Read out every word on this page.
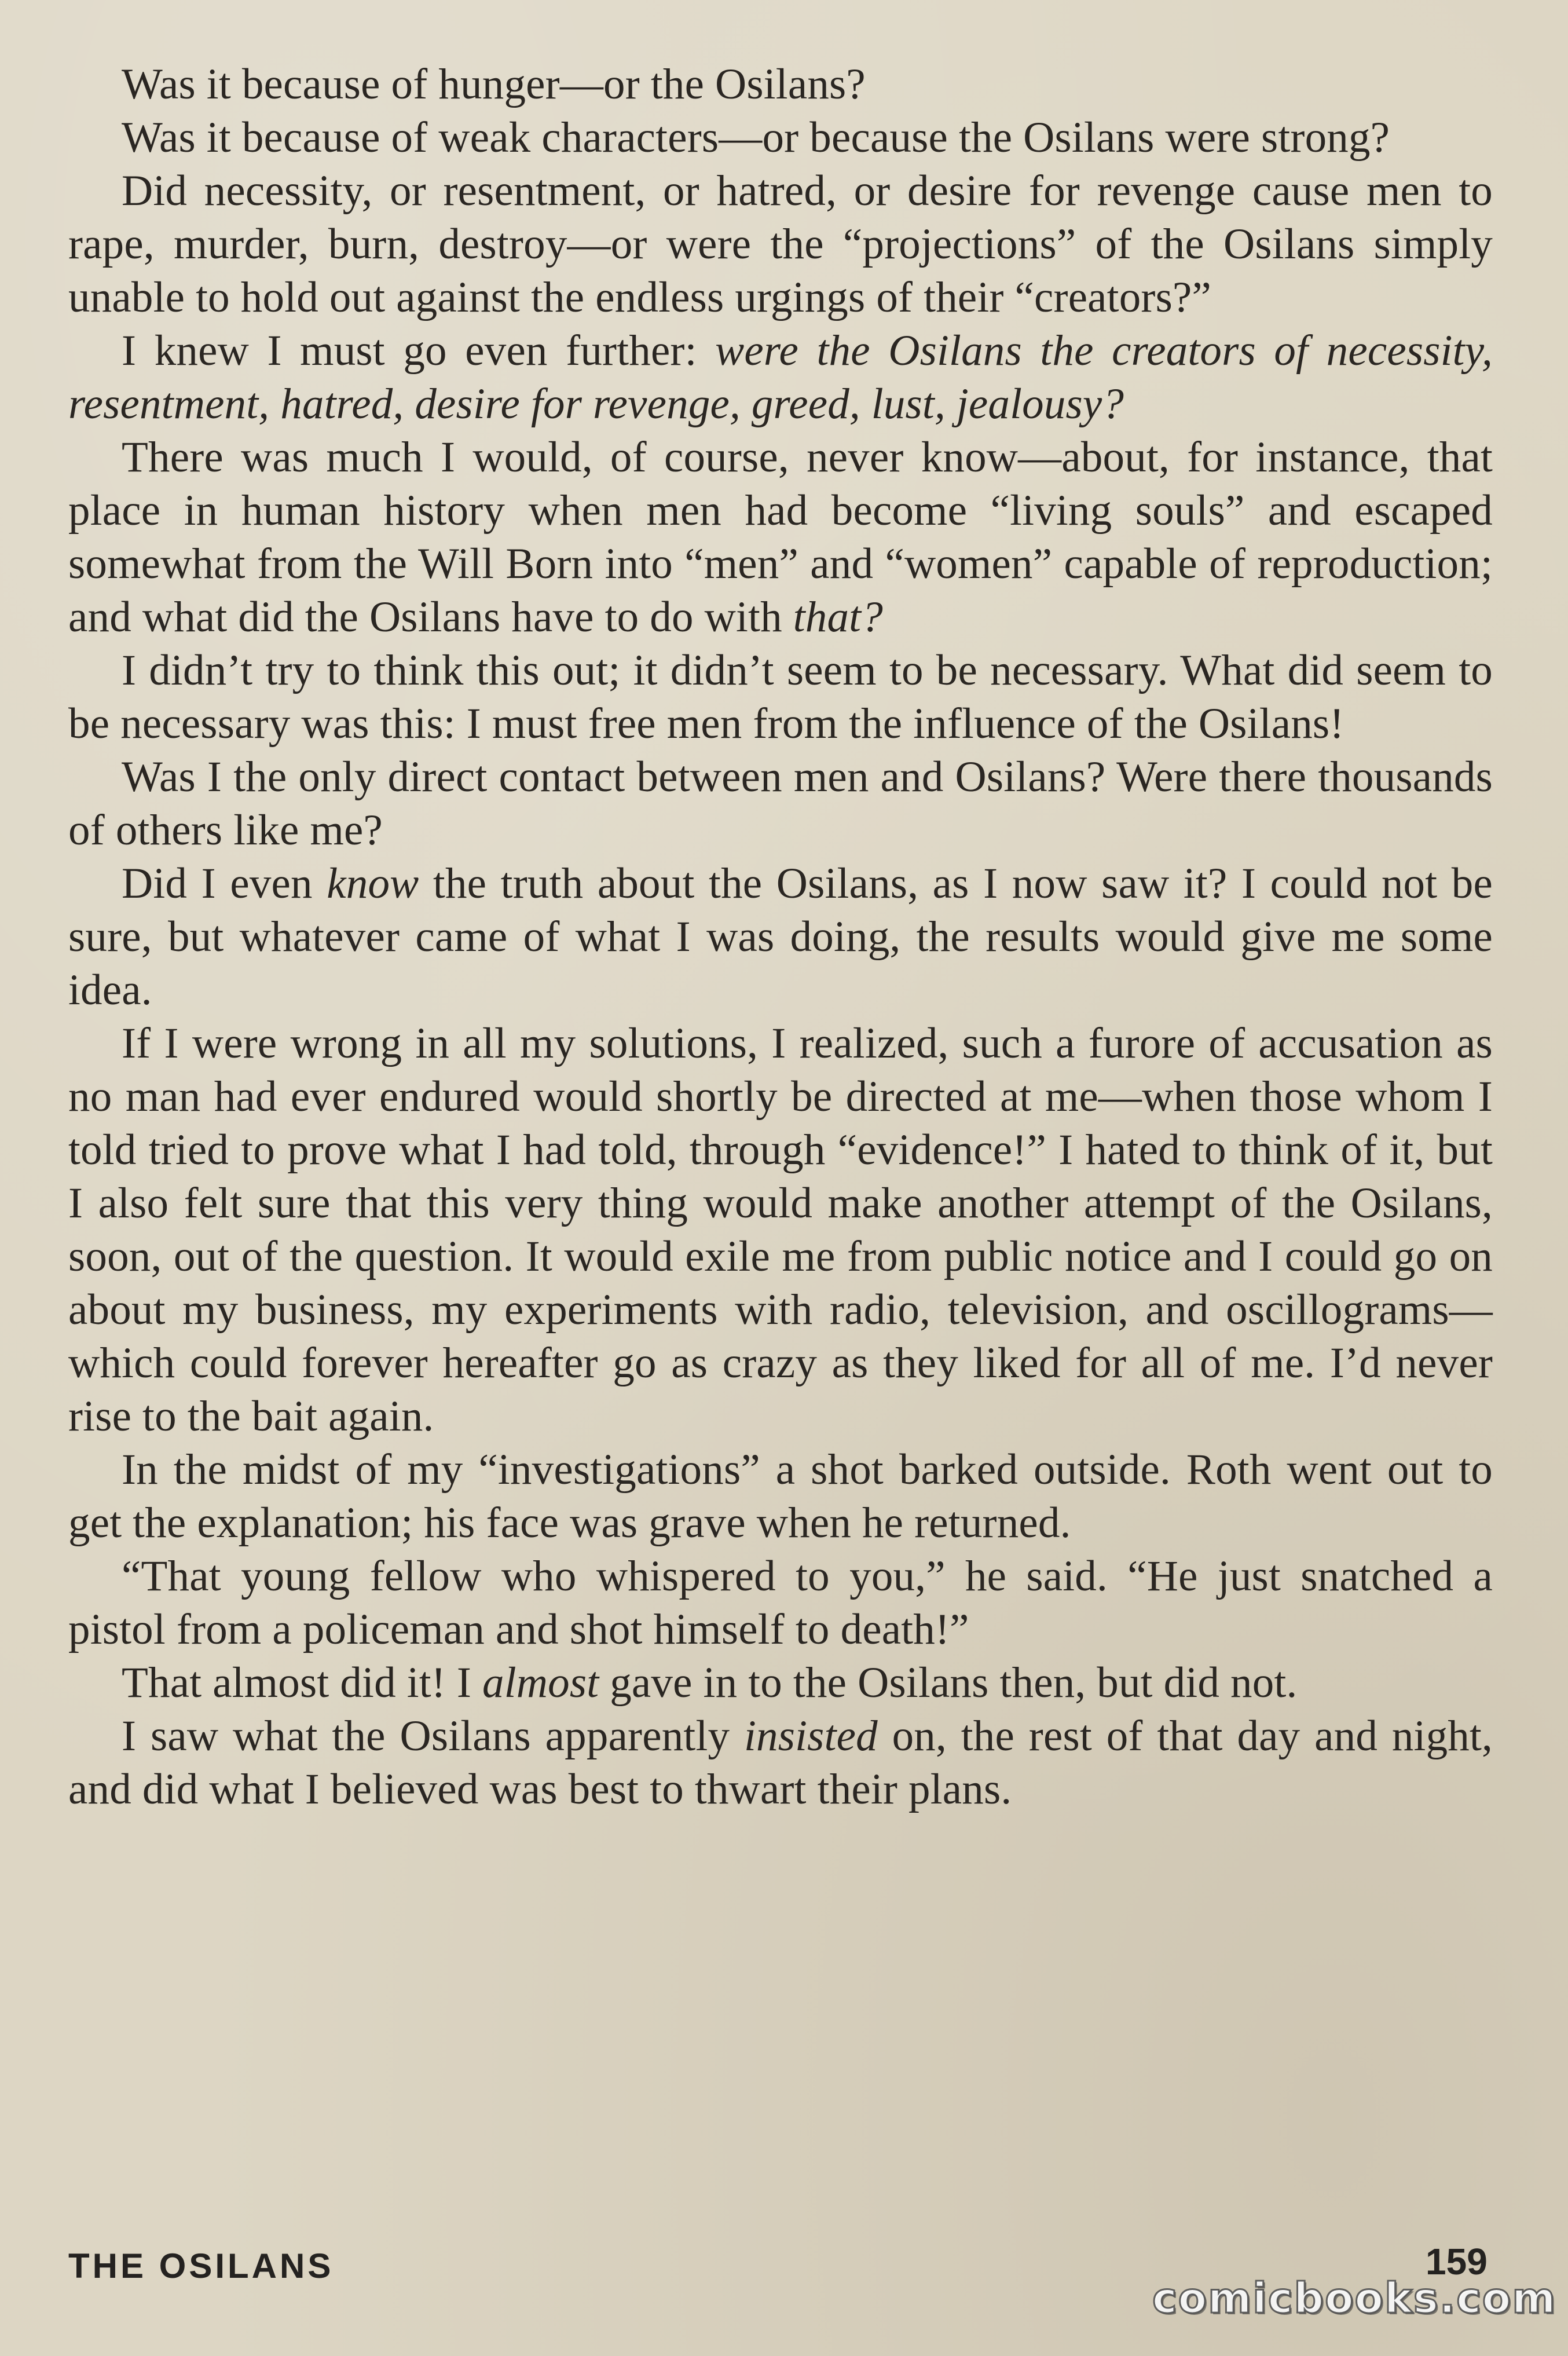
Was it because of hunger—or the Osilans?

Was it because of weak characters—or because the Osilans were strong?

Did necessity, or resentment, or hatred, or desire for revenge cause men to rape, murder, burn, destroy—or were the “projections” of the Osilans simply unable to hold out against the endless urgings of their “creators?”

I knew I must go even further: were the Osilans the creators of necessity, resentment, hatred, desire for revenge, greed, lust, jealousy?

There was much I would, of course, never know—about, for instance, that place in human history when men had become “living souls” and escaped somewhat from the Will Born into “men” and “women” capable of reproduction; and what did the Osilans have to do with that?

I didn’t try to think this out; it didn’t seem to be necessary. What did seem to be necessary was this: I must free men from the influence of the Osilans!

Was I the only direct contact between men and Osilans? Were there thousands of others like me?

Did I even know the truth about the Osilans, as I now saw it? I could not be sure, but whatever came of what I was doing, the results would give me some idea.

If I were wrong in all my solutions, I realized, such a furore of accusation as no man had ever endured would shortly be directed at me—when those whom I told tried to prove what I had told, through “evidence!” I hated to think of it, but I also felt sure that this very thing would make another attempt of the Osilans, soon, out of the question. It would exile me from public notice and I could go on about my business, my experiments with radio, television, and oscillograms—which could forever hereafter go as crazy as they liked for all of me. I’d never rise to the bait again.

In the midst of my “investigations” a shot barked outside. Roth went out to get the explanation; his face was grave when he returned.

“That young fellow who whispered to you,” he said. “He just snatched a pistol from a policeman and shot himself to death!”

That almost did it! I almost gave in to the Osilans then, but did not.

I saw what the Osilans apparently insisted on, the rest of that day and night, and did what I believed was best to thwart their plans.

THE OSILANS	159
comicbooks.com
